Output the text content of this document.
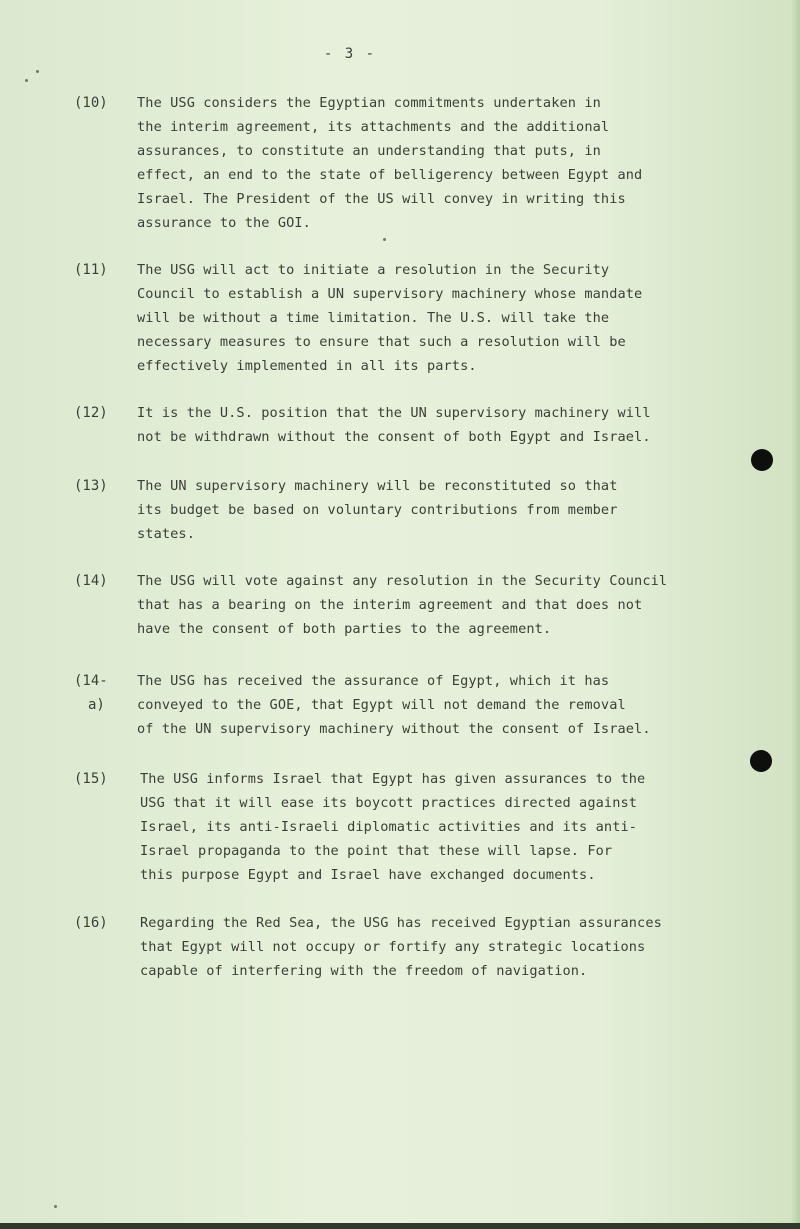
- 3 -
(10)	The USG considers the Egyptian commitments undertaken in
the interim agreement, its attachments and the additional
assurances, to constitute an understanding that puts, in
effect, an end to the state of belligerency between Egypt and
Israel. The President of the US will convey in writing this
assurance to the GOI.
(11)	The USG will act to initiate a resolution in the Security
Council to establish a UN supervisory machinery whose mandate
will be without a time limitation. The U.S. will take the
necessary measures to ensure that such a resolution will be
effectively implemented in all its parts.
(12)	It is the U.S. position that the UN supervisory machinery will
not be withdrawn without the consent of both Egypt and Israel.
(13)	The UN supervisory machinery will be reconstituted so that
its budget be based on voluntary contributions from member
states.
(14)	The USG will vote against any resolution in the Security Council
that has a bearing on the interim agreement and that does not
have the consent of both parties to the agreement.
(14-
a)
The USG has received the assurance of Egypt, which it has
conveyed to the GOE, that Egypt will not demand the removal
of the UN supervisory machinery without the consent of Israel.
(15)	The USG informs Israel that Egypt has given assurances to the
USG that it will ease its boycott practices directed against
Israel, its anti-Israeli diplomatic activities and its anti-
Israel propaganda to the point that these will lapse. For
this purpose Egypt and Israel have exchanged documents.
(16)	Regarding the Red Sea, the USG has received Egyptian assurances
that Egypt will not occupy or fortify any strategic locations
capable of interfering with the freedom of navigation.
